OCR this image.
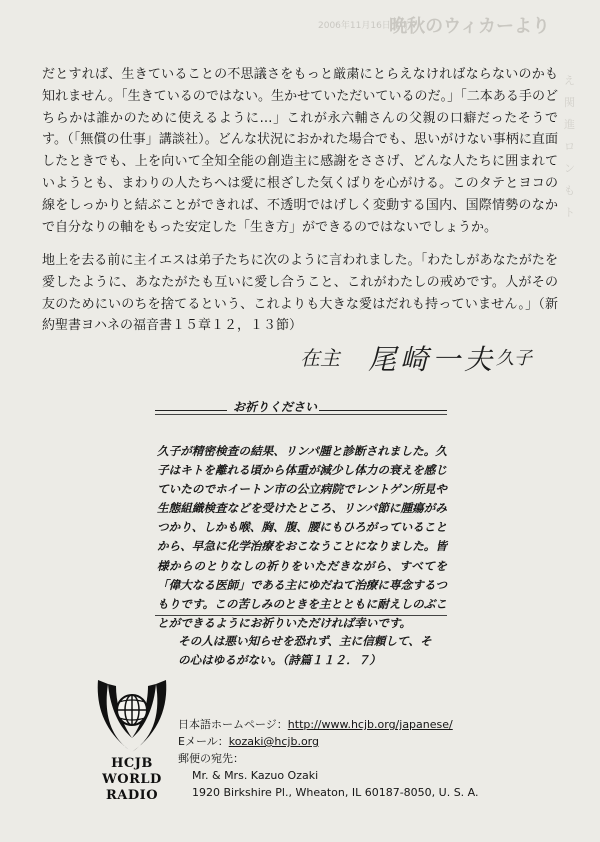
2006年11月16日発行
晩秋のウィカーより
え
関
進
ロ
ン
も
ト

だとすれば、生きていることの不思議さをもっと厳粛にとらえなければならないのかも知れません。「生きているのではない。生かせていただいているのだ。」「二本ある手のどちらかは誰かのために使えるように…」これが永六輔さんの父親の口癖だったそうです。（「無償の仕事」講談社）。どんな状況におかれた場合でも、思いがけない事柄に直面したときでも、上を向いて全知全能の創造主に感謝をささげ、どんな人たちに囲まれていようとも、まわりの人たちへは愛に根ざした気くばりを心がける。このタテとヨコの線をしっかりと結ぶことができれば、不透明ではげしく変動する国内、国際情勢のなかで自分なりの軸をもった安定した「生き方」ができるのではないでしょうか。

地上を去る前に主イエスは弟子たちに次のように言われました。「わたしがあなたがたを愛したように、あなたがたも互いに愛し合うこと、これがわたしの戒めです。人がその友のためにいのちを捨てるという、これよりも大きな愛はだれも持っていません。」（新約聖書ヨハネの福音書１５章１２，１３節）

在主 尾崎一夫 久子
お祈りください

久子が精密検査の結果、リンパ腫と診断されました。久子はキトを離れる頃から体重が減少し体力の衰えを感じていたのでホイートン市の公立病院でレントゲン所見や生態組織検査などを受けたところ、リンパ節に腫瘍がみつかり、しかも喉、胸、腹、腰にもひろがっていることから、早急に化学治療をおこなうことになりました。皆様からのとりなしの祈りをいただきながら、すべてを「偉大なる医師」である主にゆだねて治療に専念するつもりです。この苦しみのときを主とともに耐えしのぶことができるようにお祈りいただければ幸いです。

その人は悪い知らせを恐れず、主に信頼して、その心はゆるがない。（詩篇１１２．７）

HCJB
WORLD
RADIO
日本語ホームページ：http://www.hcjb.org/japanese/
Eメール：kozaki@hcjb.org
郵便の宛先：
Mr. & Mrs. Kazuo Ozaki
1920 Birkshire Pl., Wheaton, IL 60187-8050, U. S. A.
